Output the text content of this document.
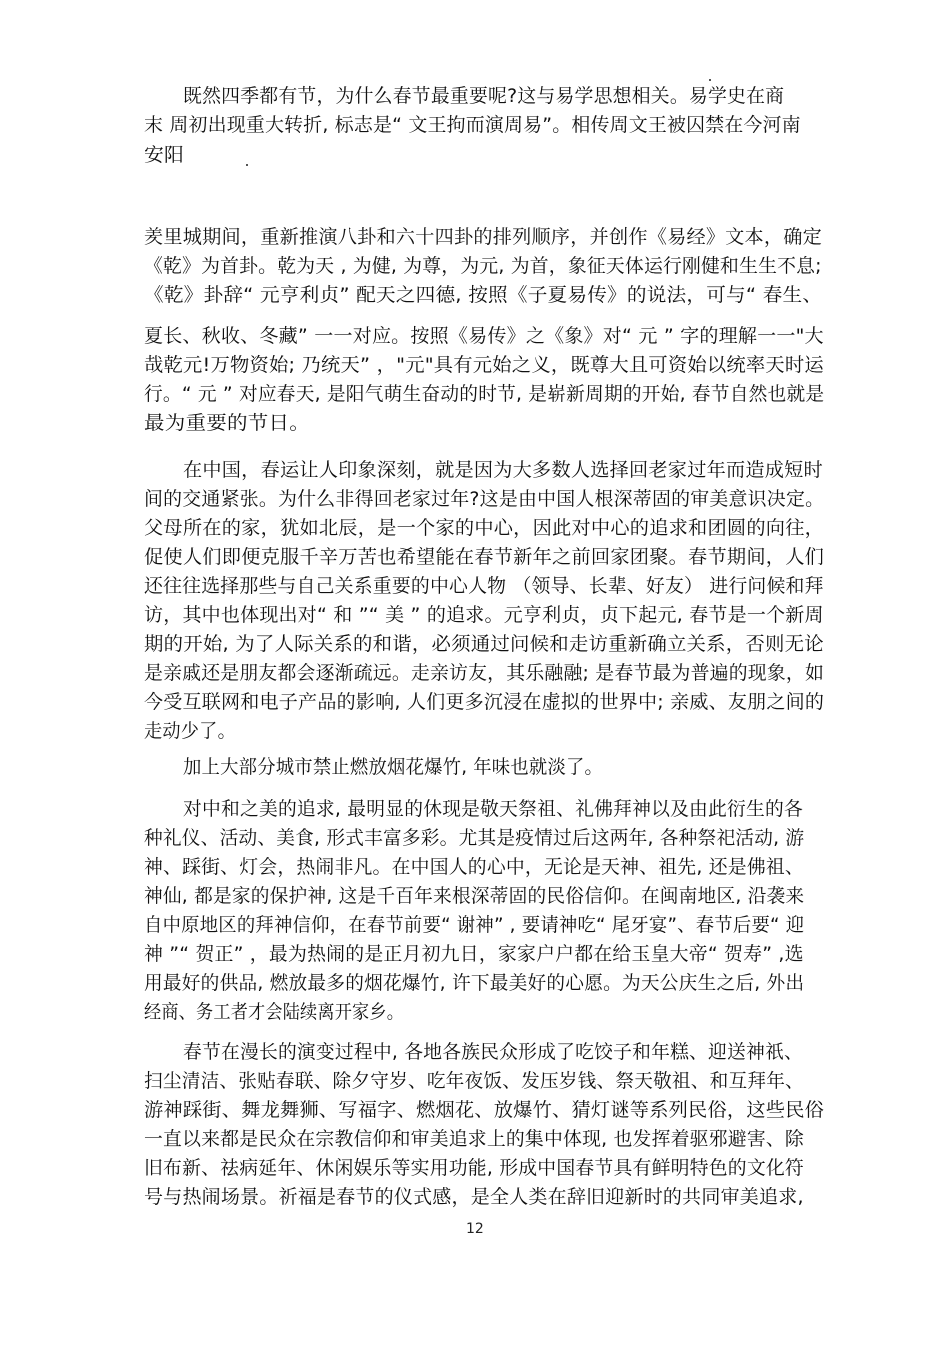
既然四季都有节，为什么春节最重要呢?这与易学思想相关。易学史在商
末 周初出现重大转折, 标志是“ 文王拘而演周易”。相传周文王被囚禁在今河南
安阳
羑里城期间，重新推演八卦和六十四卦的排列顺序，并创作《易经》文本，确定
《乾》为首卦。乾为天 , 为健, 为尊，为元, 为首，象征天体运行刚健和生生不息;
《乾》卦辞“ 元亨利贞” 配天之四德, 按照《子夏易传》的说法，可与“ 春生、
夏长、秋收、冬藏” 一一对应。按照《易传》之《象》对“ 元 ” 字的理解一一"大
哉乾元!万物资始; 乃统天” ，"元"具有元始之义，既尊大且可资始以统率天时运
行。“ 元 ” 对应春天, 是阳气萌生奋动的时节, 是崭新周期的开始, 春节自然也就是
最为重要的节日。
在中国，春运让人印象深刻，就是因为大多数人选择回老家过年而造成短时
间的交通紧张。为什么非得回老家过年?这是由中国人根深蒂固的审美意识决定。
父母所在的家，犹如北辰，是一个家的中心，因此对中心的追求和团圆的向往，
促使人们即便克服千辛万苦也希望能在春节新年之前回家团聚。春节期间，人们
还往往选择那些与自己关系重要的中心人物 （领导、长辈、好友） 进行问候和拜
访，其中也体现出对“ 和 ”“ 美 ” 的追求。元亨利贞，贞下起元, 春节是一个新周
期的开始, 为了人际关系的和谐，必须通过问候和走访重新确立关系，否则无论
是亲戚还是朋友都会逐渐疏远。走亲访友，其乐融融; 是春节最为普遍的现象，如
今受互联网和电子产品的影响, 人们更多沉浸在虚拟的世界中; 亲威、友朋之间的
走动少了。
加上大部分城市禁止燃放烟花爆竹, 年味也就淡了。
对中和之美的追求, 最明显的休现是敬天祭祖、礼佛拜神以及由此衍生的各
种礼仪、活动、美食, 形式丰富多彩。尤其是疫情过后这两年, 各种祭祀活动, 游
神、踩街、灯会，热闹非凡。在中国人的心中，无论是天神、祖先, 还是佛祖、
神仙, 都是家的保护神, 这是千百年来根深蒂固的民俗信仰。在闽南地区, 沿袭来
自中原地区的拜神信仰，在春节前要“ 谢神” , 要请神吃“ 尾牙宴”、春节后要“ 迎
神 ”“ 贺正” ，最为热闹的是正月初九日，家家户户都在给玉皇大帝“ 贺寿” ,选
用最好的供品, 燃放最多的烟花爆竹, 许下最美好的心愿。为天公庆生之后, 外出
经商、务工者才会陆续离开家乡。
春节在漫长的演变过程中, 各地各族民众形成了吃饺子和年糕、迎送神祇、
扫尘清洁、张贴春联、除夕守岁、吃年夜饭、发压岁钱、祭天敬祖、和互拜年、
游神踩街、舞龙舞狮、写福字、燃烟花、放爆竹、猜灯谜等系列民俗，这些民俗
一直以来都是民众在宗教信仰和审美追求上的集中体现, 也发挥着驱邪避害、除
旧布新、祛病延年、休闲娱乐等实用功能, 形成中国春节具有鲜明特色的文化符
号与热闹场景。祈福是春节的仪式感，是全人类在辞旧迎新时的共同审美追求,
12
